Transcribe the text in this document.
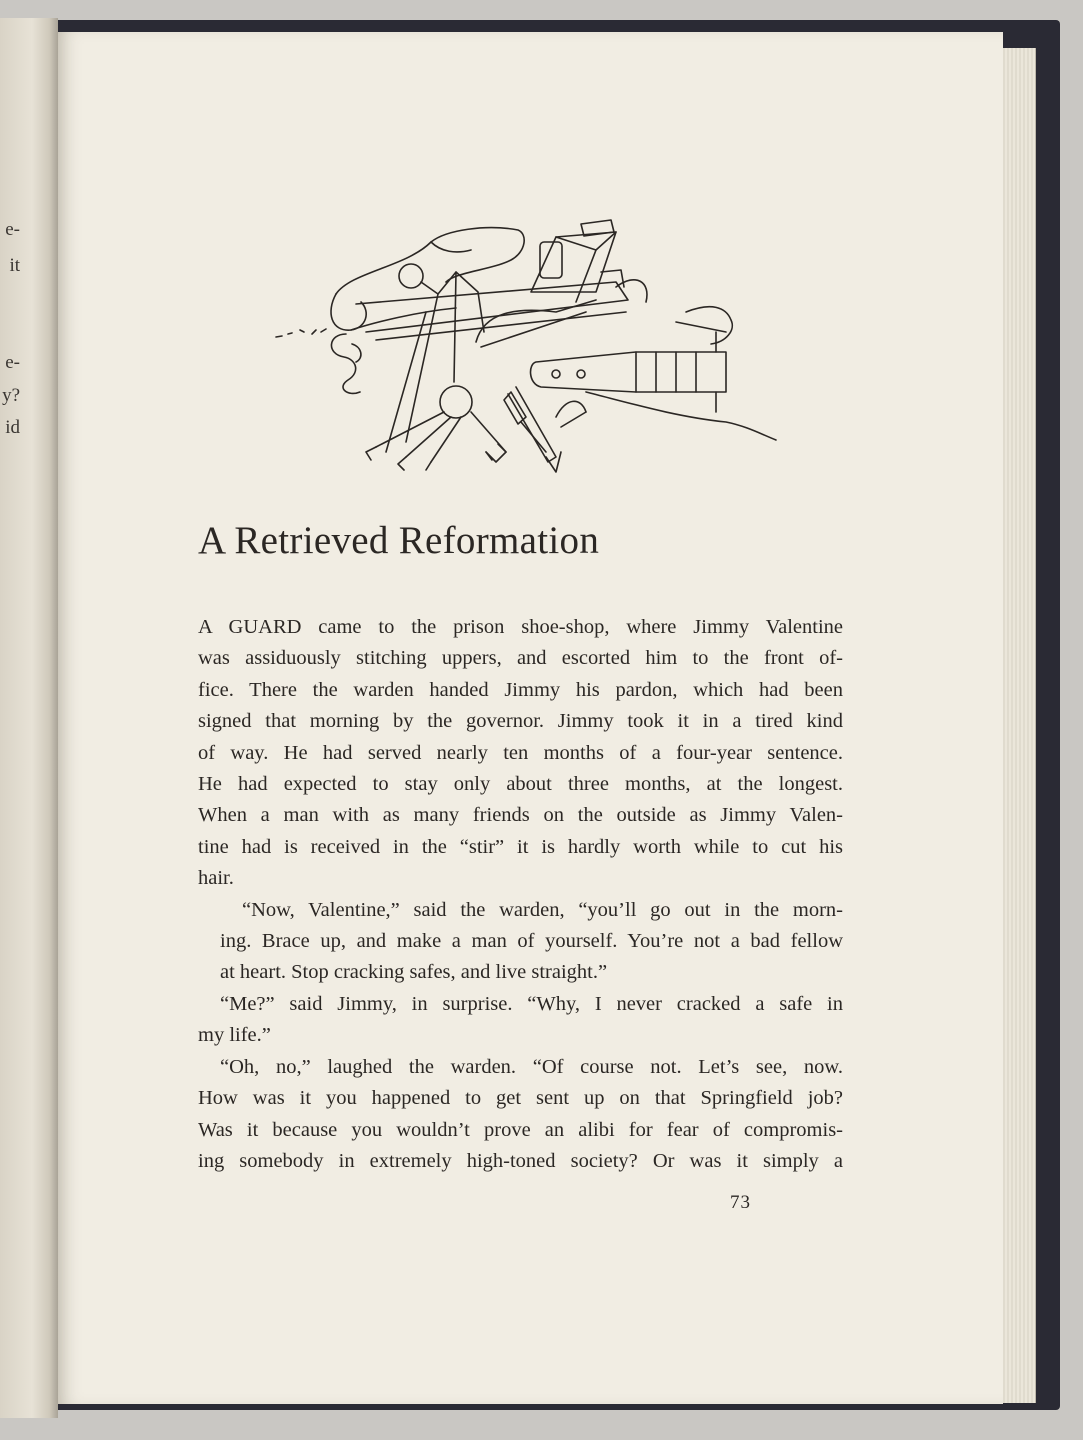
e-
it
e-
y?
id
A Retrieved Reformation

A GUARD came to the prison shoe-shop, where Jimmy Valentine
was assiduously stitching uppers, and escorted him to the front of-
fice. There the warden handed Jimmy his pardon, which had been
signed that morning by the governor. Jimmy took it in a tired kind
of way. He had served nearly ten months of a four-year sentence.
He had expected to stay only about three months, at the longest.
When a man with as many friends on the outside as Jimmy Valen-
tine had is received in the “stir” it is hardly worth while to cut his
hair.

“Now, Valentine,” said the warden, “you’ll go out in the morn-
ing. Brace up, and make a man of yourself. You’re not a bad fellow
at heart. Stop cracking safes, and live straight.”

“Me?” said Jimmy, in surprise. “Why, I never cracked a safe in
my life.”

“Oh, no,” laughed the warden. “Of course not. Let’s see, now.
How was it you happened to get sent up on that Springfield job?
Was it because you wouldn’t prove an alibi for fear of compromis-
ing somebody in extremely high-toned society? Or was it simply a

73
